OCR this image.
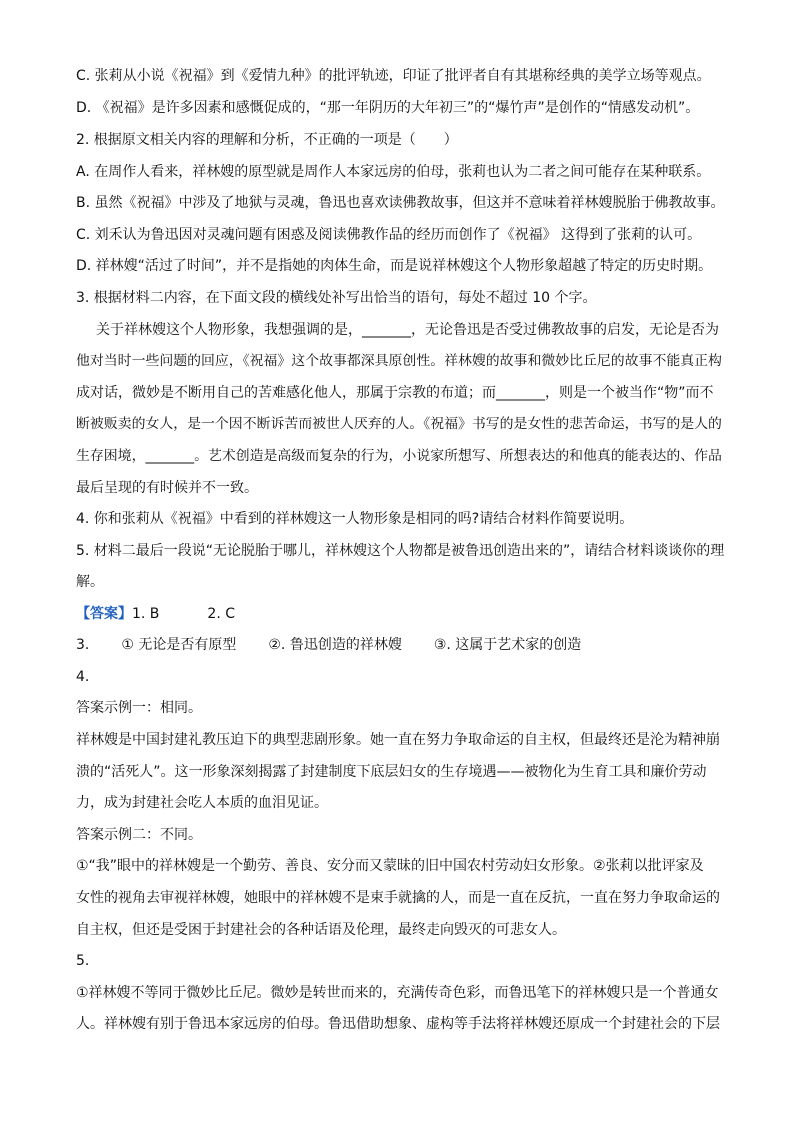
C. 张莉从小说《祝福》到《爱情九种》的批评轨迹，印证了批评者自有其堪称经典的美学立场等观点。
D. 《祝福》是许多因素和感慨促成的，“那一年阴历的大年初三”的“爆竹声”是创作的“情感发动机”。
2. 根据原文相关内容的理解和分析，不正确的一项是（　　）
A. 在周作人看来，祥林嫂的原型就是周作人本家远房的伯母，张莉也认为二者之间可能存在某种联系。
B. 虽然《祝福》中涉及了地狱与灵魂，鲁迅也喜欢读佛教故事，但这并不意味着祥林嫂脱胎于佛教故事。
C. 刘禾认为鲁迅因对灵魂问题有困惑及阅读佛教作品的经历而创作了《祝福》 这得到了张莉的认可。
D. 祥林嫂“活过了时间”，并不是指她的肉体生命，而是说祥林嫂这个人物形象超越了特定的历史时期。
3. 根据材料二内容，在下面文段的横线处补写出恰当的语句，每处不超过 10 个字。
关于祥林嫂这个人物形象，我想强调的是，_______，无论鲁迅是否受过佛教故事的启发，无论是否为
他对当时一些问题的回应，《祝福》这个故事都深具原创性。祥林嫂的故事和微妙比丘尼的故事不能真正构
成对话，微妙是不断用自己的苦难感化他人，那属于宗教的布道；而_______，则是一个被当作“物”而不
断被贩卖的女人，是一个因不断诉苦而被世人厌弃的人。《祝福》书写的是女性的悲苦命运，书写的是人的
生存困境，_______。艺术创造是高级而复杂的行为，小说家所想写、所想表达的和他真的能表达的、作品
最后呈现的有时候并不一致。
4. 你和张莉从《祝福》中看到的祥林嫂这一人物形象是相同的吗?请结合材料作简要说明。
5. 材料二最后一段说“无论脱胎于哪儿，祥林嫂这个人物都是被鲁迅创造出来的”，请结合材料谈谈你的理
解。
【答案】1. B	2. C
3. ① 无论是否有原型 ②. 鲁迅创造的祥林嫂 ③. 这属于艺术家的创造
4.
答案示例一：相同。
祥林嫂是中国封建礼教压迫下的典型悲剧形象。她一直在努力争取命运的自主权，但最终还是沦为精神崩
溃的“活死人”。这一形象深刻揭露了封建制度下底层妇女的生存境遇——被物化为生育工具和廉价劳动
力，成为封建社会吃人本质的血泪见证。
答案示例二：不同。
①“我”眼中的祥林嫂是一个勤劳、善良、安分而又蒙昧的旧中国农村劳动妇女形象。②张莉以批评家及
女性的视角去审视祥林嫂，她眼中的祥林嫂不是束手就擒的人，而是一直在反抗，一直在努力争取命运的
自主权，但还是受困于封建社会的各种话语及伦理，最终走向毁灭的可悲女人。
5.
①祥林嫂不等同于微妙比丘尼。微妙是转世而来的，充满传奇色彩，而鲁迅笔下的祥林嫂只是一个普通女
人。祥林嫂有别于鲁迅本家远房的伯母。鲁迅借助想象、虚构等手法将祥林嫂还原成一个封建社会的下层
